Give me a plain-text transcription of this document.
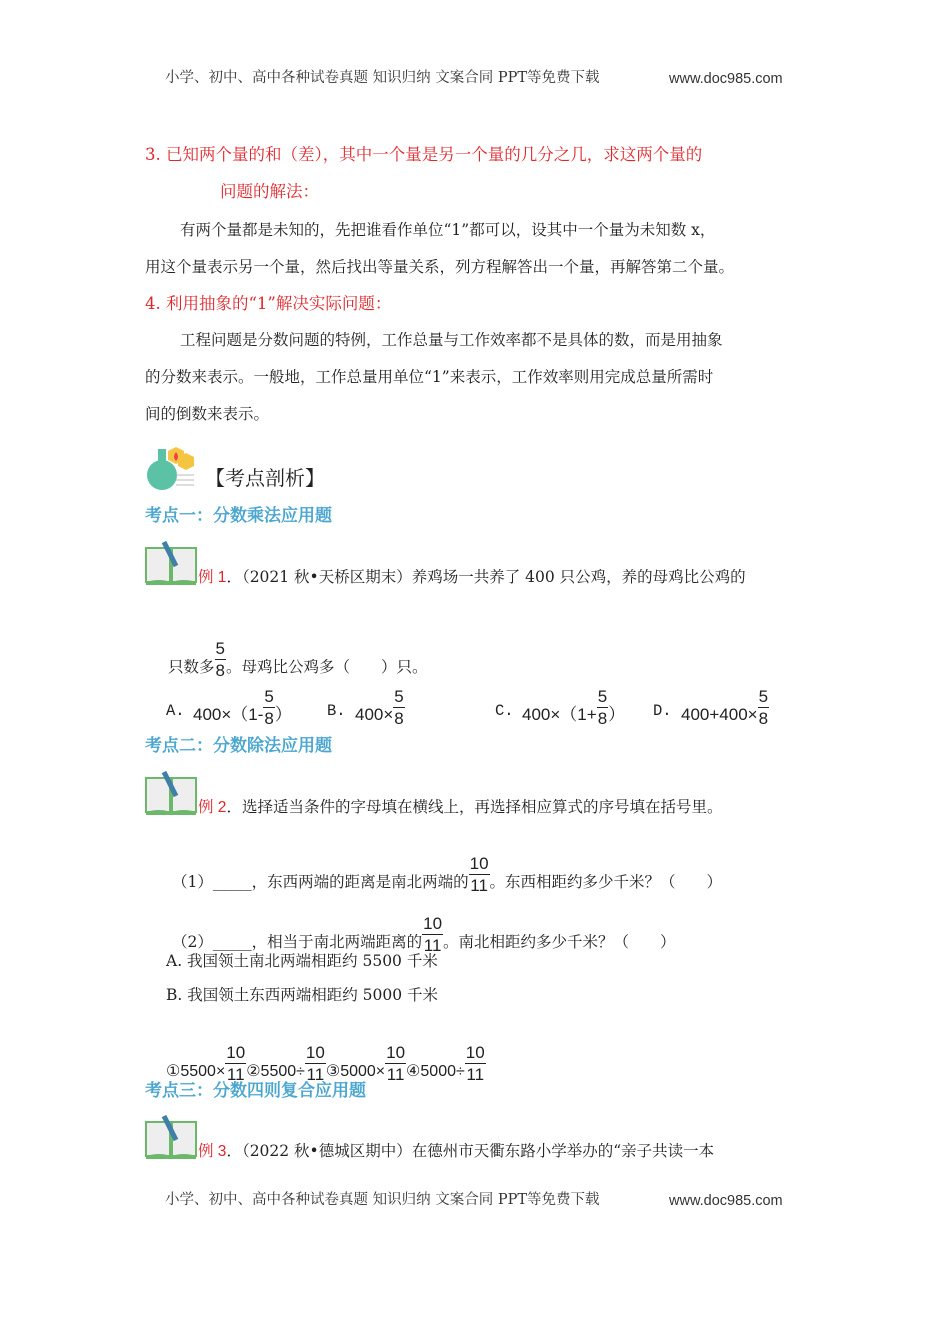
小学、初中、高中各种试卷真题 知识归纳 文案合同 PPT等免费下载	www.doc985.com
3. 已知两个量的和（差），其中一个量是另一个量的几分之几，求这两个量的
问题的解法：
有两个量都是未知的，先把谁看作单位“1”都可以，设其中一个量为未知数 x，
用这个量表示另一个量，然后找出等量关系，列方程解答出一个量，再解答第二个量。
4. 利用抽象的“1”解决实际问题：
工程问题是分数问题的特例，工作总量与工作效率都不是具体的数，而是用抽象
的分数来表示。一般地，工作总量用单位“1”来表示，工作效率则用完成总量所需时
间的倒数来表示。
【考点剖析】
考点一：分数乘法应用题
例 1．（2021 秋•天桥区期末）养鸡场一共养了 400 只公鸡，养的母鸡比公鸡的
只数多 $\frac{5}{8}$ 。母鸡比公鸡多（　　）只。
A. $400\times(1- \frac{5}{8}$ ） B. $400\times \frac{5}{8}$	C. $400\times(1+ \frac{5}{8}$ ） D. $400+400\times \frac{5}{8}$
考点二：分数除法应用题
例 2．选择适当条件的字母填在横线上，再选择相应算式的序号填在括号里。
（1）_____，东西两端的距离是南北两端的 $\frac{10}{11}$ 。东西相距约多少千米？（　　）
（2）_____，相当于南北两端距离的 $\frac{10}{11}$ 。南北相距约多少千米？（　　）
A. 我国领土南北两端相距约 5500 千米
B. 我国领土东西两端相距约 5000 千米
①5500× $\frac{10}{11}$ ②5500÷ $\frac{10}{11}$ ③5000× $\frac{10}{11}$ ④5000÷ $\frac{10}{11}$
考点三：分数四则复合应用题
例 3．（2022 秋•德城区期中）在德州市天衢东路小学举办的“亲子共读一本
小学、初中、高中各种试卷真题 知识归纳 文案合同 PPT等免费下载	www.doc985.com
